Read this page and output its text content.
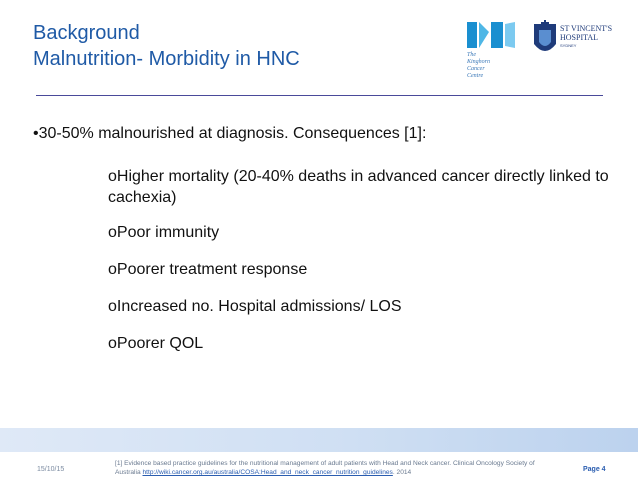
Background
Malnutrition- Morbidity in HNC	The
Kinghorn
Cancer
Centre
ST VINCENT'S
HOSPITAL
SYDNEY
•30-50% malnourished at diagnosis. Consequences [1]:
oHigher mortality (20-40% deaths in advanced cancer directly linked to cachexia)
oPoor immunity
oPoorer treatment response
oIncreased no. Hospital admissions/ LOS
oPoorer QOL
15/10/15
[1] Evidence based practice guidelines for the nutritional management of adult patients with Head and Neck cancer. Clinical Oncology Society of Australia http://wiki.cancer.org.au/australia/COSA:Head_and_neck_cancer_nutrition_guidelines. 2014	Page 4
